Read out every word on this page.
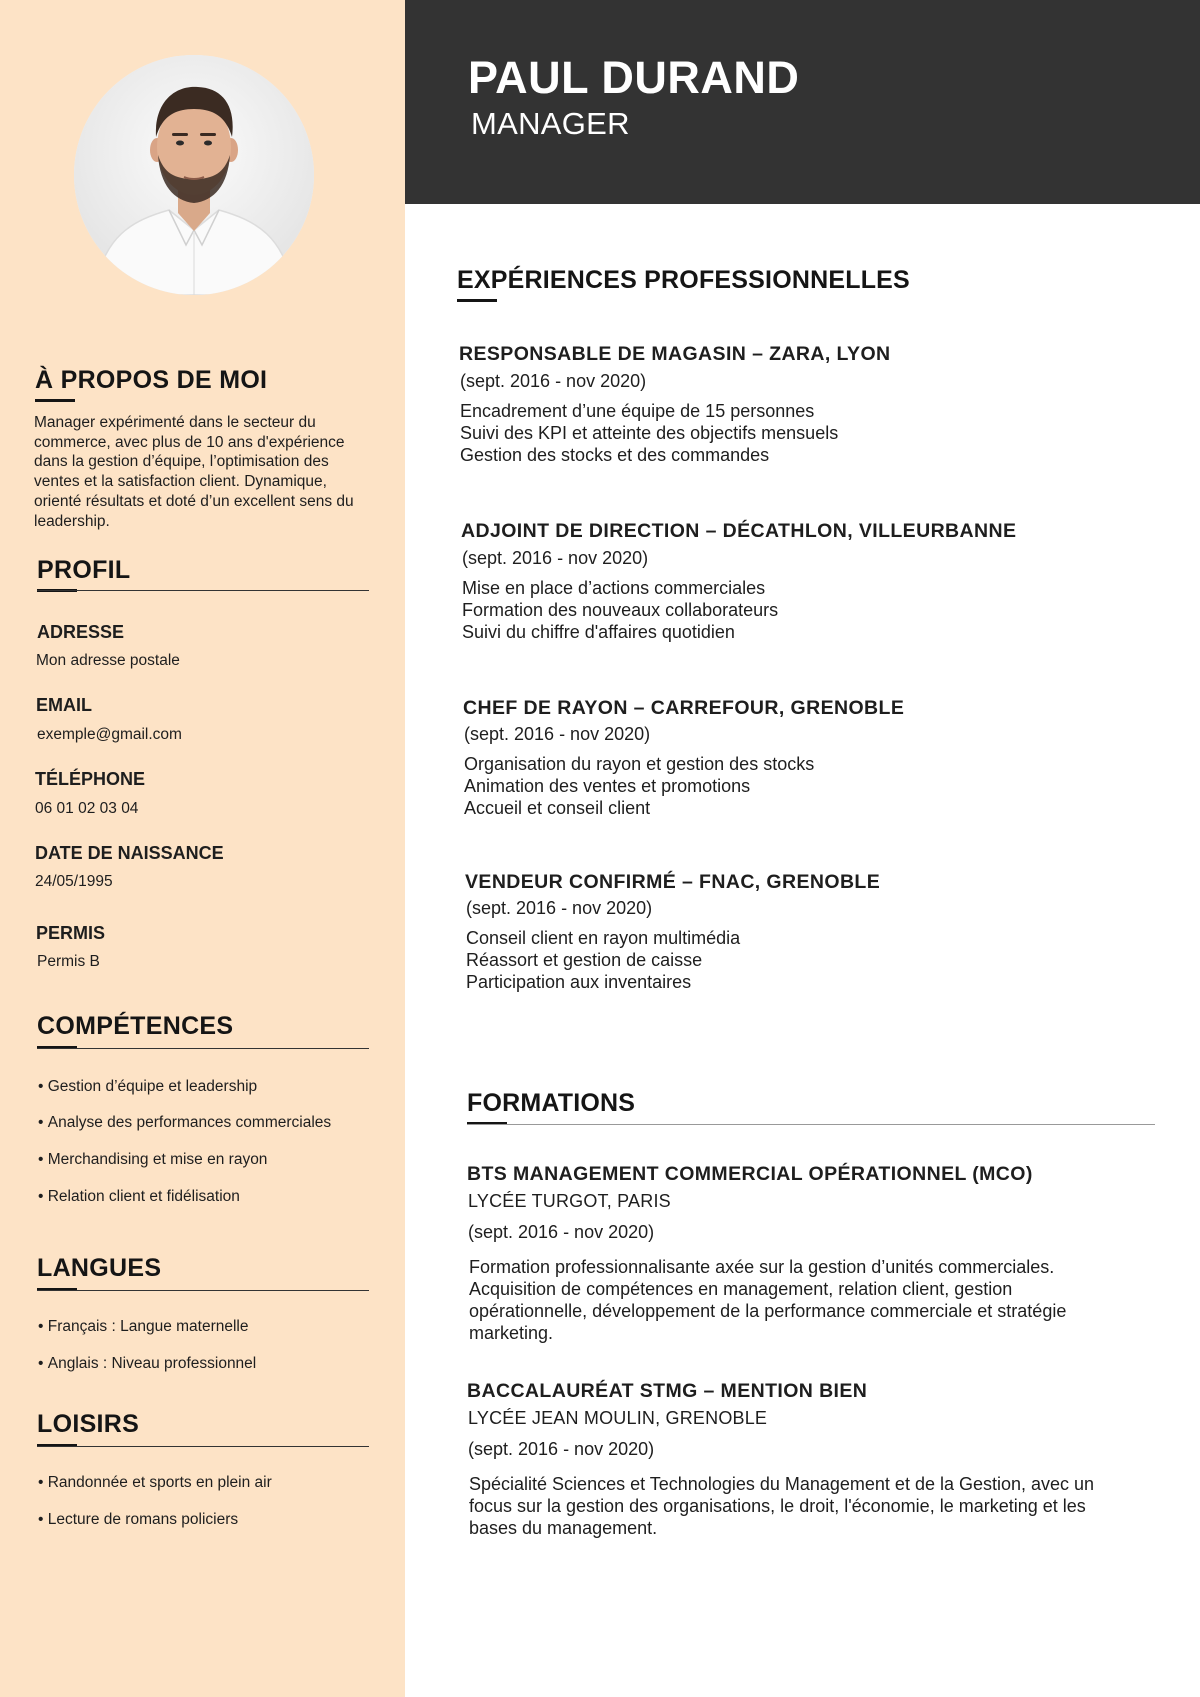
PAUL DURAND
MANAGER
À PROPOS DE MOI
Manager expérimenté dans le secteur du commerce, avec plus de 10 ans d'expérience dans la gestion d’équipe, l’optimisation des ventes et la satisfaction client. Dynamique, orienté résultats et doté d’un excellent sens du leadership.
PROFIL
ADRESSE
Mon adresse postale
EMAIL
exemple@gmail.com
TÉLÉPHONE
06 01 02 03 04
DATE DE NAISSANCE
24/05/1995
PERMIS
Permis B
COMPÉTENCES
• Gestion d’équipe et leadership
• Analyse des performances commerciales
• Merchandising et mise en rayon
• Relation client et fidélisation
LANGUES
• Français : Langue maternelle
• Anglais : Niveau professionnel
LOISIRS
• Randonnée et sports en plein air
• Lecture de romans policiers
EXPÉRIENCES PROFESSIONNELLES
RESPONSABLE DE MAGASIN – ZARA, LYON
(sept. 2016 - nov 2020)
Encadrement d’une équipe de 15 personnes
Suivi des KPI et atteinte des objectifs mensuels
Gestion des stocks et des commandes
ADJOINT DE DIRECTION – DÉCATHLON, VILLEURBANNE
(sept. 2016 - nov 2020)
Mise en place d’actions commerciales
Formation des nouveaux collaborateurs
Suivi du chiffre d'affaires quotidien
CHEF DE RAYON – CARREFOUR, GRENOBLE
(sept. 2016 - nov 2020)
Organisation du rayon et gestion des stocks
Animation des ventes et promotions
Accueil et conseil client
VENDEUR CONFIRMÉ – FNAC, GRENOBLE
(sept. 2016 - nov 2020)
Conseil client en rayon multimédia
Réassort et gestion de caisse
Participation aux inventaires
FORMATIONS
BTS MANAGEMENT COMMERCIAL OPÉRATIONNEL (MCO)
LYCÉE TURGOT, PARIS
(sept. 2016 - nov 2020)
Formation professionnalisante axée sur la gestion d’unités commerciales. Acquisition de compétences en management, relation client, gestion opérationnelle, développement de la performance commerciale et stratégie marketing.
BACCALAURÉAT STMG – MENTION BIEN
LYCÉE JEAN MOULIN, GRENOBLE
(sept. 2016 - nov 2020)
Spécialité Sciences et Technologies du Management et de la Gestion, avec un focus sur la gestion des organisations, le droit, l'économie, le marketing et les bases du management.
